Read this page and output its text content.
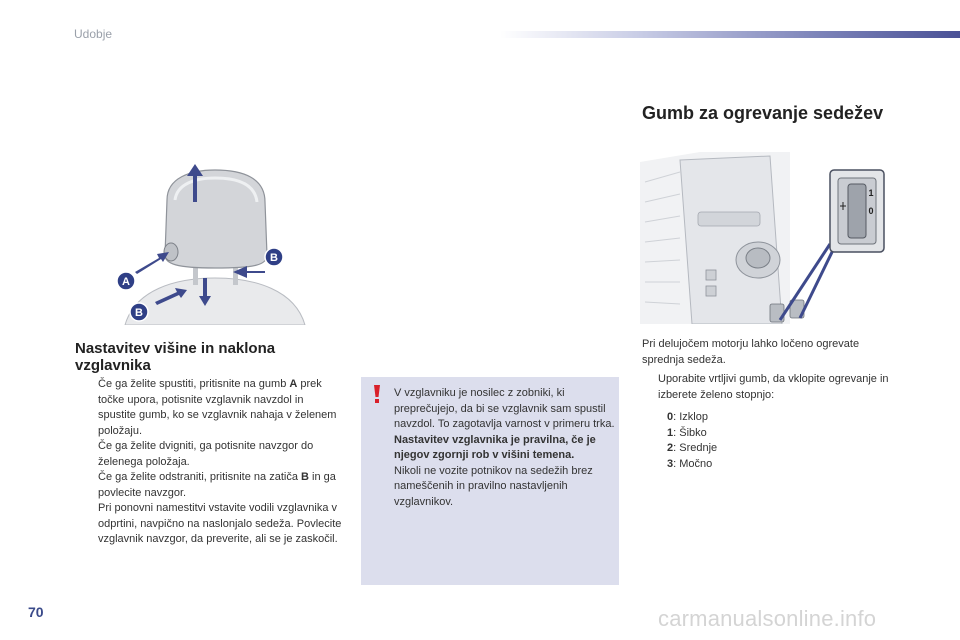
Udobje
A
B
B
1
0
Nastavitev višine in naklona vzglavnika
Če ga želite spustiti, pritisnite na gumb A prek točke upora, potisnite vzglavnik navzdol in spustite gumb, ko se vzglavnik nahaja v želenem položaju.
Če ga želite dvigniti, ga potisnite navzgor do želenega položaja.
Če ga želite odstraniti, pritisnite na zatiča B in ga povlecite navzgor.
Pri ponovni namestitvi vstavite vodili vzglavnika v odprtini, navpično na naslonjalo sedeža. Povlecite vzglavnik navzgor, da preverite, ali se je zaskočil.

V vzglavniku je nosilec z zobniki, ki preprečujejo, da bi se vzglavnik sam spustil navzdol. To zagotavlja varnost v primeru trka.

Nastavitev vzglavnika je pravilna, če je njegov zgornji rob v višini temena.

Nikoli ne vozite potnikov na sedežih brez nameščenih in pravilno nastavljenih vzglavnikov.

Gumb za ogrevanje sedežev
Pri delujočem motorju lahko ločeno ogrevate sprednja sedeža.
Uporabite vrtljivi gumb, da vklopite ogrevanje in izberete želeno stopnjo:
0: Izklop
1: Šibko
2: Srednje
3: Močno
70	carmanualsonline.info
